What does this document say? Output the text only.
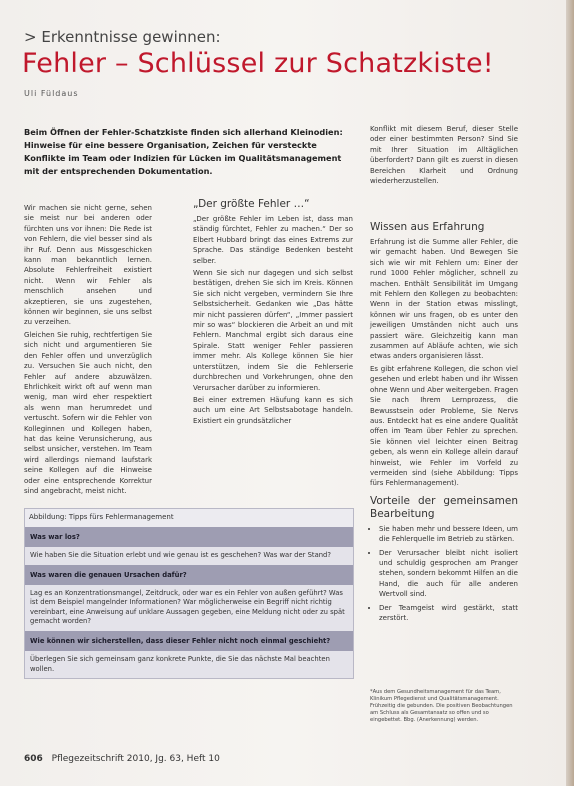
> Erkenntnisse gewinnen:
Fehler – Schlüssel zur Schatzkiste!
Uli Füldaus
Beim Öffnen der Fehler-Schatzkiste finden sich allerhand Kleinodien: Hinweise für eine bessere Organisation, Zeichen für versteckte Konflikte im Team oder Indizien für Lücken im Qualitätsmanagement mit der entsprechenden Dokumentation.

Wir machen sie nicht gerne, sehen sie meist nur bei anderen oder fürchten uns vor ihnen: Die Rede ist von Fehlern, die viel besser sind als ihr Ruf. Denn aus Missgeschicken kann man bekanntlich lernen. Absolute Fehlerfreiheit existiert nicht. Wenn wir Fehler als menschlich ansehen und akzeptieren, sie uns zugestehen, können wir beginnen, sie uns selbst zu verzeihen.

Gleichen Sie ruhig, rechtfertigen Sie sich nicht und argumentieren Sie den Fehler offen und unverzüglich zu. Versuchen Sie auch nicht, den Fehler auf andere abzuwälzen. Ehrlichkeit wirkt oft auf wenn man wenig, man wird eher respektiert als wenn man herumredet und vertuscht. Sofern wir die Fehler von Kolleginnen und Kollegen haben, hat das keine Verunsicherung, aus selbst unsicher, verstehen. Im Team wird allerdings niemand laufstark seine Kollegen auf die Hinweise oder eine entsprechende Korrektur sind angebracht, meist nicht.

„Der größte Fehler …“

„Der größte Fehler im Leben ist, dass man ständig fürchtet, Fehler zu machen.“ Der so Elbert Hubbard bringt das eines Extrems zur Sprache. Das ständige Bedenken besteht selber.

Wenn Sie sich nur dagegen und sich selbst bestätigen, drehen Sie sich im Kreis. Können Sie sich nicht vergeben, vermindern Sie Ihre Selbstsicherheit. Gedanken wie „Das hätte mir nicht passieren dürfen“, „Immer passiert mir so was“ blockieren die Arbeit an und mit Fehlern. Manchmal ergibt sich daraus eine Spirale. Statt weniger Fehler passieren immer mehr. Als Kollege können Sie hier unterstützen, indem Sie die Fehlerserie durchbrechen und Vorkehrungen, ohne den Verursacher darüber zu informieren.

Bei einer extremen Häufung kann es sich auch um eine Art Selbstsabotage handeln. Existiert ein grundsätzlicher

Konflikt mit diesem Beruf, dieser Stelle oder einer bestimmten Person? Sind Sie mit Ihrer Situation im Alltäglichen überfordert? Dann gilt es zuerst in diesen Bereichen Klarheit und Ordnung wiederherzustellen.

Wissen aus Erfahrung

Erfahrung ist die Summe aller Fehler, die wir gemacht haben. Und Bewegen Sie sich wie wir mit Fehlern um: Einer der rund 1000 Fehler möglicher, schnell zu machen. Enthält Sensibilität im Umgang mit Fehlern den Kollegen zu beobachten: Wenn in der Station etwas misslingt, können wir uns fragen, ob es unter den jeweiligen Umständen nicht auch uns passiert wäre. Gleichzeitig kann man zusammen auf Abläufe achten, wie sich etwas anders organisieren lässt.

Es gibt erfahrene Kollegen, die schon viel gesehen und erlebt haben und ihr Wissen ohne Wenn und Aber weitergeben. Fragen Sie nach Ihrem Lernprozess, die Bewusstsein oder Probleme, Sie Nervs aus. Entdeckt hat es eine andere Qualität offen im Team über Fehler zu sprechen. Sie können viel leichter einen Beitrag geben, als wenn ein Kollege allein darauf hinweist, wie Fehler im Vorfeld zu vermeiden sind (siehe Abbildung: Tipps fürs Fehlermanagement).

Vorteile der gemeinsamen Bearbeitung
• Sie haben mehr und bessere Ideen, um die Fehlerquelle im Betrieb zu stärken.
• Der Verursacher bleibt nicht isoliert und schuldig gesprochen am Pranger stehen, sondern bekommt Hilfen an die Hand, die auch für alle anderen Wertvoll sind.
• Der Teamgeist wird gestärkt, statt zerstört.
*Aus dem Gesundheitsmanagement für das Team, Klinikum Pflegedienst und Qualitätsmanagement. Frühzeitig die gebunden. Die positiven Beobachtungen am Schluss als Gesamtansatz so offen und so eingebettet. Bbg. (Anerkennung) werden.
Abbildung: Tipps fürs Fehlermanagement
Was war los?
Wie haben Sie die Situation erlebt und wie genau ist es geschehen? Was war der Stand?
Was waren die genauen Ursachen dafür?
Lag es an Konzentrationsmangel, Zeitdruck, oder war es ein Fehler von außen geführt? Was ist dem Beispiel mangelnder Informationen? War möglicherweise ein Begriff nicht richtig vereinbart, eine Anweisung auf unklare Aussagen gegeben, eine Meldung nicht oder zu spät gemacht worden?
Wie können wir sicherstellen, dass dieser Fehler nicht noch einmal geschieht?
Überlegen Sie sich gemeinsam ganz konkrete Punkte, die Sie das nächste Mal beachten wollen.
606 Pflegezeitschrift 2010, Jg. 63, Heft 10
